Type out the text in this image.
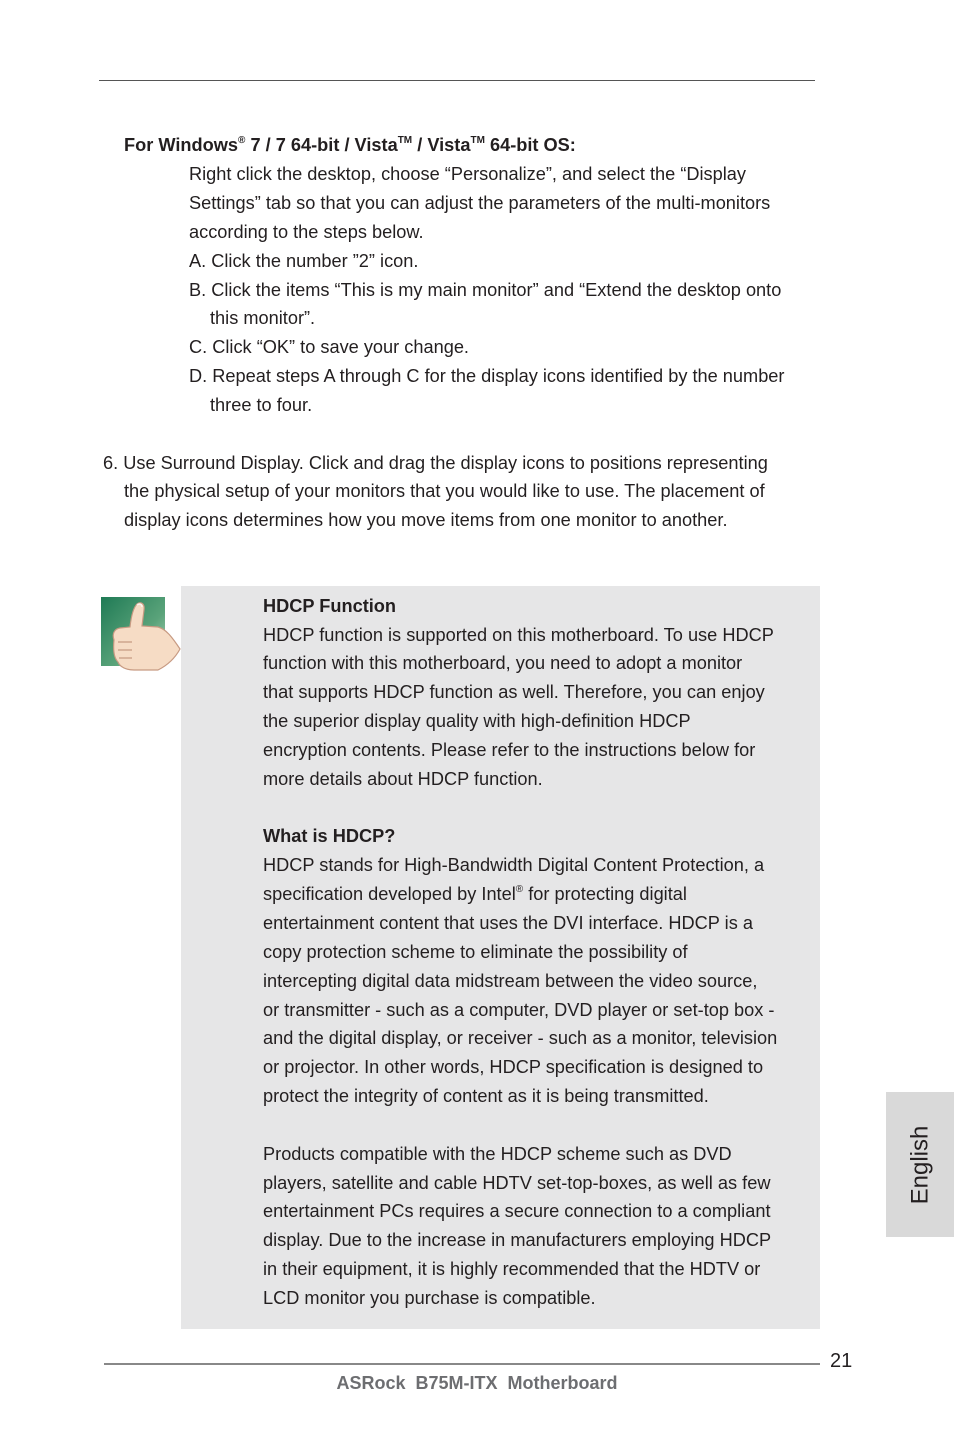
For Windows® 7 / 7 64-bit / Vista™ / Vista™ 64-bit OS:
Right click the desktop, choose “Personalize”, and select the “Display
Settings” tab so that you can adjust the parameters of the multi-monitors
according to the steps below.
A. Click the number ”2” icon.
B. Click the items “This is my main monitor” and “Extend the desktop onto
this monitor”.
C. Click “OK” to save your change.
D. Repeat steps A through C for the display icons identified by the number
three to four.
6. Use Surround Display. Click and drag the display icons to positions representing
the physical setup of your monitors that you would like to use. The placement of
display icons determines how you move items from one monitor to another.
HDCP Function
HDCP function is supported on this motherboard. To use HDCP
function with this motherboard, you need to adopt a monitor
that supports HDCP function as well. Therefore, you can enjoy
the superior display quality with high-definition HDCP
encryption contents. Please refer to the instructions below for
more details about HDCP function.
What is HDCP?
HDCP stands for High-Bandwidth Digital Content Protection, a
specification developed by Intel® for protecting digital
entertainment content that uses the DVI interface. HDCP is a
copy protection scheme to eliminate the possibility of
intercepting digital data midstream between the video source,
or transmitter - such as a computer, DVD player or set-top box -
and the digital display, or receiver - such as a monitor, television
or projector. In other words, HDCP specification is designed to
protect the integrity of content as it is being transmitted.
Products compatible with the HDCP scheme such as DVD
players, satellite and cable HDTV set-top-boxes, as well as few
entertainment PCs requires a secure connection to a compliant
display. Due to the increase in manufacturers employing HDCP
in their equipment, it is highly recommended that the HDTV or
LCD monitor you purchase is compatible.
English
21
ASRock  B75M-ITX  Motherboard
